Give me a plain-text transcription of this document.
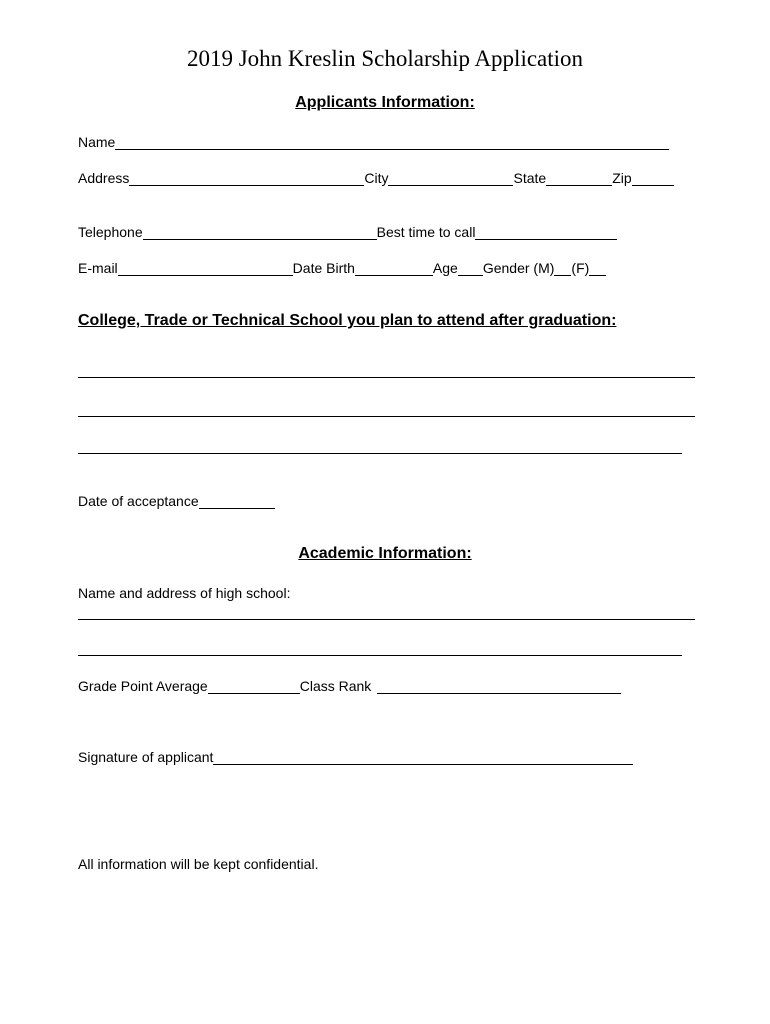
2019 John Kreslin Scholarship Application
Applicants Information:
Name
Address	City	State	Zip
Telephone	Best time to call
E-mail	Date Birth	Age Gender (M) (F)
College, Trade or Technical School you plan to attend after graduation:
Date of acceptance
Academic Information:
Name and address of high school:
Grade Point Average	Class Rank
Signature of applicant
All information will be kept confidential.
